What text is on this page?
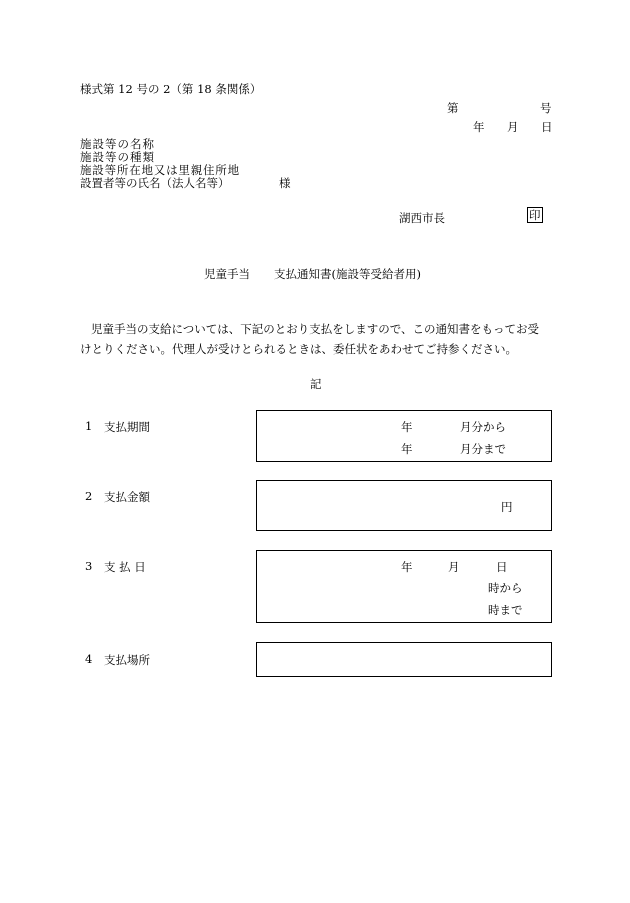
様式第 12 号の 2（第 18 条関係）
第	号
年 月 日
施設等の名称
施設等の種類
施設等所在地又は里親住所地
設置者等の氏名（法人名等）	様
湖西市長	印
児童手当 支払通知書(施設等受給者用)
児童手当の支給については、下記のとおり支払をしますので、この通知書をもってお受
けとりください。代理人が受けとられるときは、委任状をあわせてご持参ください。
記
1 支払期間	年	月分から
年	月分まで
2 支払金額
円
3 支 払 日	年	月	日
時から
時まで
4 支払場所
